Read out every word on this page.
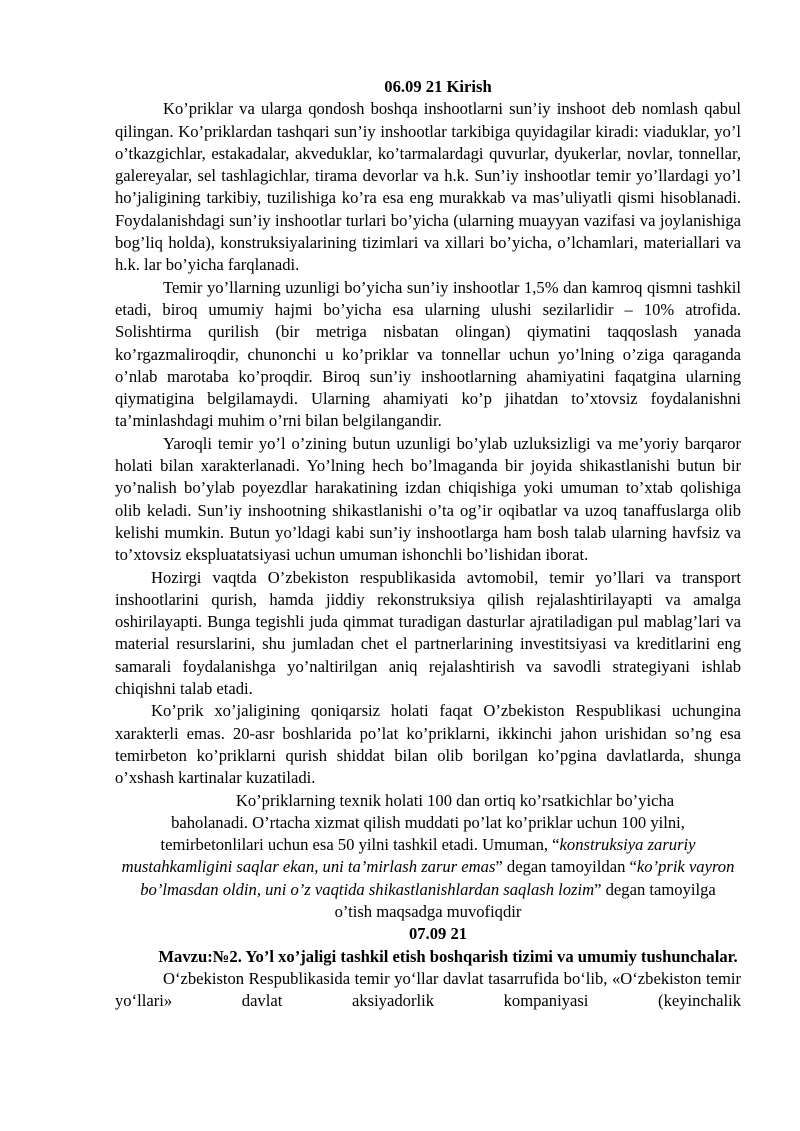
06.09 21 Kirish

Ko’priklar va ularga qondosh boshqa inshootlarni sun’iy inshoot deb nomlash qabul qilingan. Ko’priklardan tashqari sun’iy inshootlar tarkibiga quyidagilar kiradi: viaduklar, yo’l o’tkazgichlar, estakadalar, akveduklar, ko’tarmalardagi quvurlar, dyukerlar, novlar, tonnellar, galereyalar, sel tashlagichlar, tirama devorlar va h.k. Sun’iy inshootlar temir yo’llardagi yo’l ho’jaligining tarkibiy, tuzilishiga ko’ra esa eng murakkab va mas’uliyatli qismi hisoblanadi. Foydalanishdagi sun’iy inshootlar turlari bo’yicha (ularning muayyan vazifasi va joylanishiga bog’liq holda), konstruksiyalarining tizimlari va xillari bo’yicha, o’lchamlari, materiallari va h.k. lar bo’yicha farqlanadi.

Temir yo’llarning uzunligi bo’yicha sun’iy inshootlar 1,5% dan kamroq qismni tashkil etadi, biroq umumiy hajmi bo’yicha esa ularning ulushi sezilarlidir – 10% atrofida. Solishtirma qurilish (bir metriga nisbatan olingan) qiymatini taqqoslash yanada ko’rgazmaliroqdir, chunonchi u ko’priklar va tonnellar uchun yo’lning o’ziga qaraganda o’nlab marotaba ko’proqdir. Biroq sun’iy inshootlarning ahamiyatini faqatgina ularning qiymatigina belgilamaydi. Ularning ahamiyati ko’p jihatdan to’xtovsiz foydalanishni ta’minlashdagi muhim o’rni bilan belgilangandir.

Yaroqli temir yo’l o’zining butun uzunligi bo’ylab uzluksizligi va me’yoriy barqaror holati bilan xarakterlanadi. Yo’lning hech bo’lmaganda bir joyida shikastlanishi butun bir yo’nalish bo’ylab poyezdlar harakatining izdan chiqishiga yoki umuman to’xtab qolishiga olib keladi. Sun’iy inshootning shikastlanishi o’ta og’ir oqibatlar va uzoq tanaffuslarga olib kelishi mumkin. Butun yo’ldagi kabi sun’iy inshootlarga ham bosh talab ularning havfsiz va to’xtovsiz ekspluatatsiyasi uchun umuman ishonchli bo’lishidan iborat.

Hozirgi vaqtda O’zbekiston respublikasida avtomobil, temir yo’llari va transport inshootlarini qurish, hamda jiddiy rekonstruksiya qilish rejalashtirilayapti va amalga oshirilayapti. Bunga tegishli juda qimmat turadigan dasturlar ajratiladigan pul mablag’lari va material resurslarini, shu jumladan chet el partnerlarining investitsiyasi va kreditlarini eng samarali foydalanishga yo’naltirilgan aniq rejalashtirish va savodli strategiyani ishlab chiqishni talab etadi.

Ko’prik xo’jaligining qoniqarsiz holati faqat O’zbekiston Respublikasi uchungina xarakterli emas. 20-asr boshlarida po’lat ko’priklarni, ikkinchi jahon urishidan so’ng esa temirbeton ko’priklarni qurish shiddat bilan olib borilgan ko’pgina davlatlarda, shunga o’xshash kartinalar kuzatiladi.

Ko’priklarning texnik holati 100 dan ortiq ko’rsatkichlar bo’yicha
baholanadi. O’rtacha xizmat qilish muddati po’lat ko’priklar uchun 100 yilni, temirbetonlilari uchun esa 50 yilni tashkil etadi. Umuman, “konstruksiya zaruriy mustahkamligini saqlar ekan, uni ta’mirlash zarur emas” degan tamoyildan “ko’prik vayron bo’lmasdan oldin, uni o’z vaqtida shikastlanishlardan saqlash lozim” degan tamoyilga o’tish maqsadga muvofiqdir

07.09 21
Mavzu:№2. Yo’l xo’jaligi tashkil etish boshqarish tizimi va umumiy tushunchalar.

O‘zbekiston Respublikasida temir yo‘llar davlat tasarrufida bo‘lib, «O‘zbekiston temir yo‘llari» davlat aksiyadorlik kompaniyasi (keyinchalik
